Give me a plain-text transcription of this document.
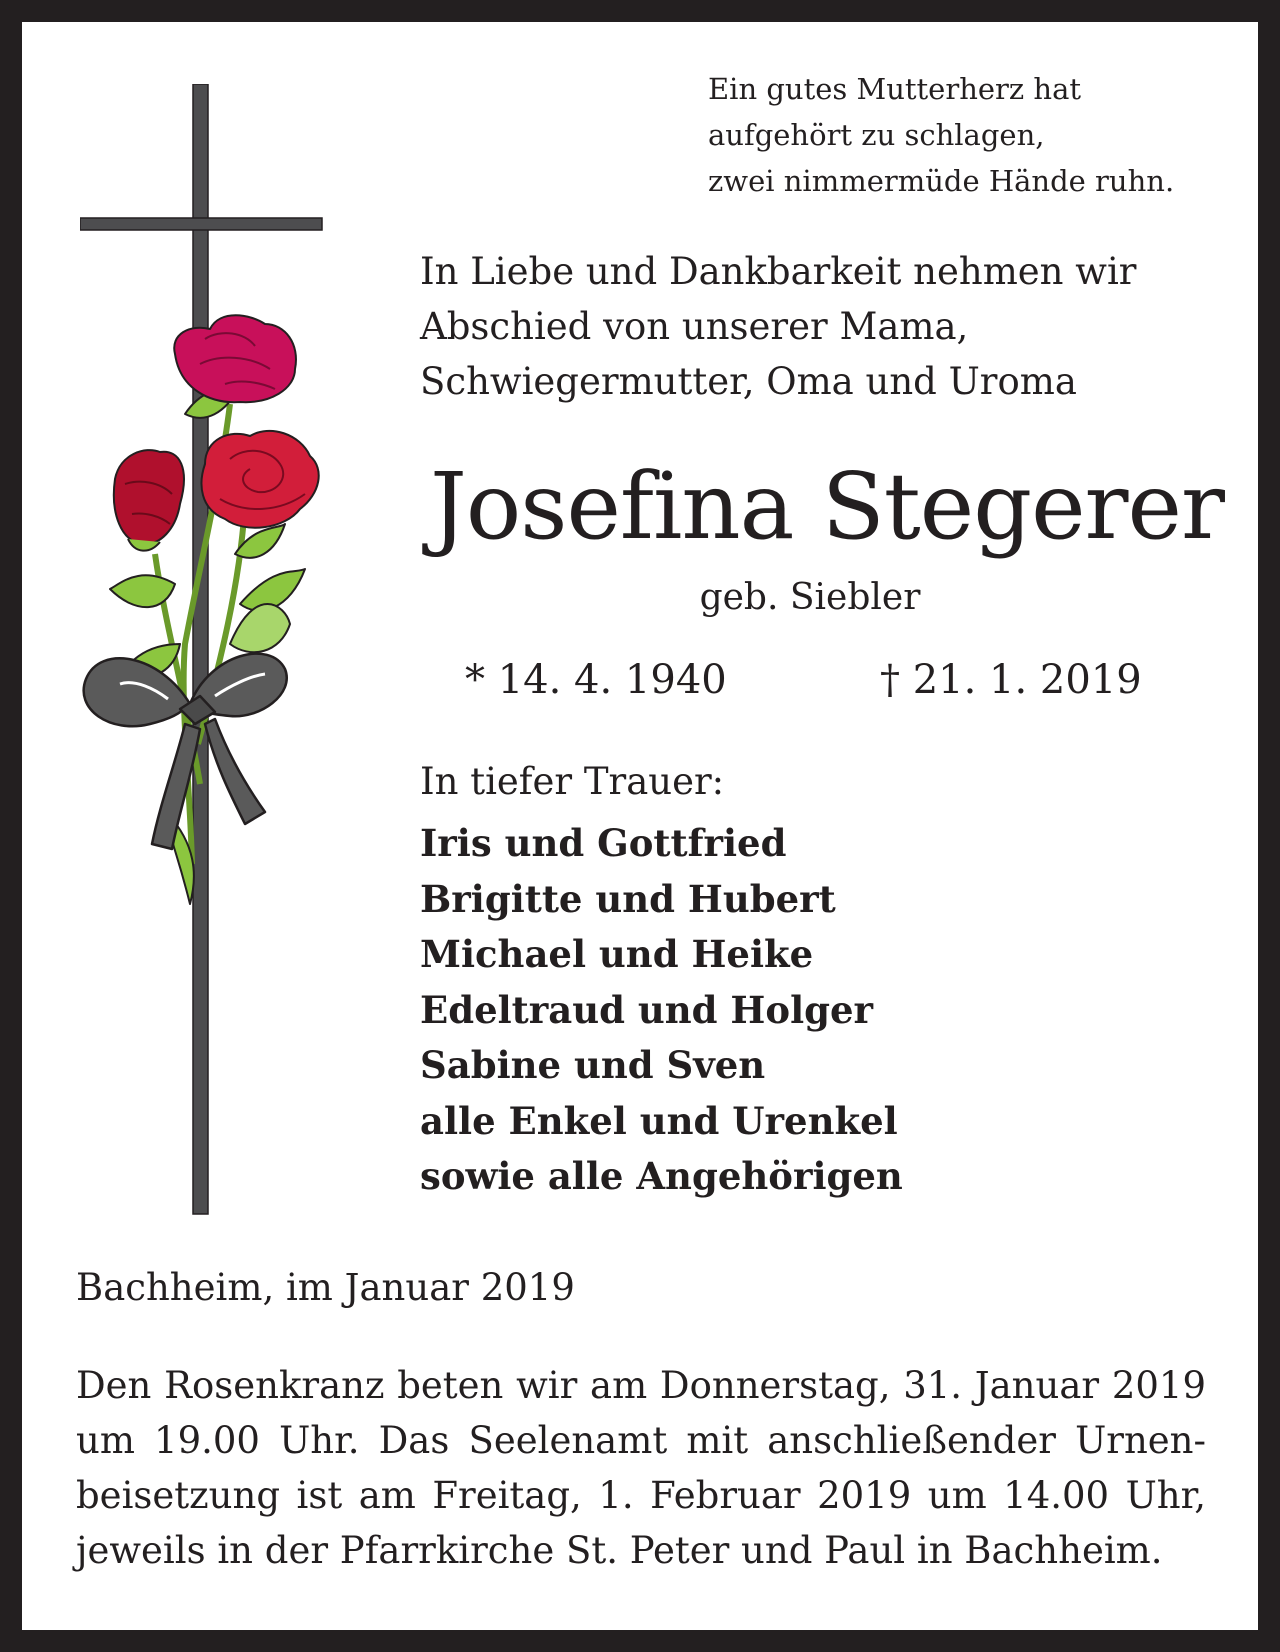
Ein gutes Mutterherz hat
aufgehört zu schlagen,
zwei nimmermüde Hände ruhn.
In Liebe und Dankbarkeit nehmen wir
Abschied von unserer Mama,
Schwiegermutter, Oma und Uroma
Josefina Stegerer
geb. Siebler
* 14. 4. 1940	† 21. 1. 2019
In tiefer Trauer:
Iris und Gottfried
Brigitte und Hubert
Michael und Heike
Edeltraud und Holger
Sabine und Sven
alle Enkel und Urenkel
sowie alle Angehörigen
Bachheim, im Januar 2019
Den Rosenkranz beten wir am Donnerstag, 31. Januar 2019
um 19.00 Uhr. Das Seelenamt mit anschließender Urnen-
beisetzung ist am Freitag, 1. Februar 2019 um 14.00 Uhr,
jeweils in der Pfarrkirche St. Peter und Paul in Bachheim.
